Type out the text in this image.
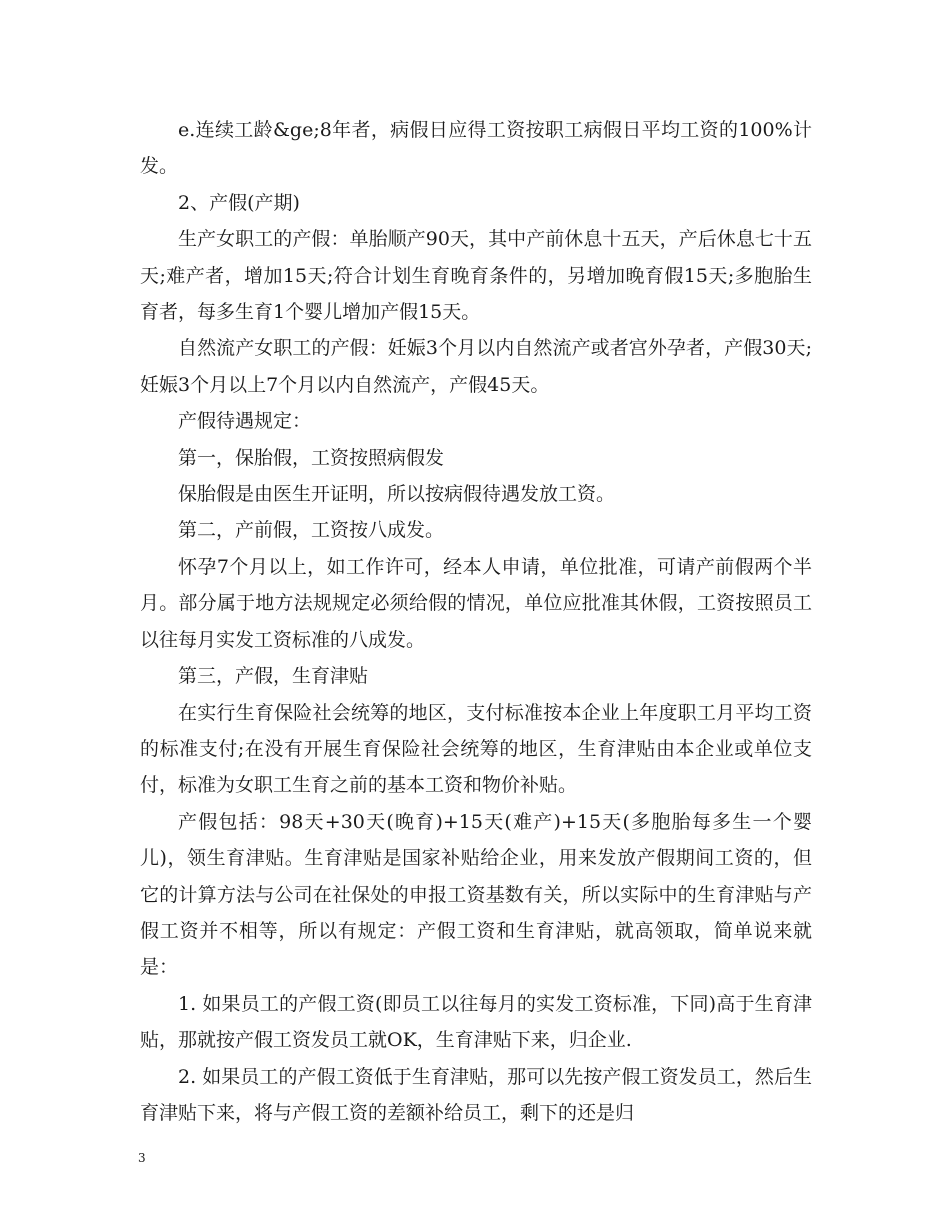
e.连续工龄&ge;8年者，病假日应得工资按职工病假日平均工资的100%计发。

2、产假(产期)

生产女职工的产假：单胎顺产90天，其中产前休息十五天，产后休息七十五天;难产者，增加15天;符合计划生育晚育条件的，另增加晚育假15天;多胞胎生育者，每多生育1个婴儿增加产假15天。

自然流产女职工的产假：妊娠3个月以内自然流产或者宫外孕者，产假30天;妊娠3个月以上7个月以内自然流产，产假45天。

产假待遇规定：

第一，保胎假，工资按照病假发

保胎假是由医生开证明，所以按病假待遇发放工资。

第二，产前假，工资按八成发。

怀孕7个月以上，如工作许可，经本人申请，单位批准，可请产前假两个半月。部分属于地方法规规定必须给假的情况，单位应批准其休假，工资按照员工以往每月实发工资标准的八成发。

第三，产假，生育津贴

在实行生育保险社会统筹的地区，支付标准按本企业上年度职工月平均工资的标准支付;在没有开展生育保险社会统筹的地区，生育津贴由本企业或单位支付，标准为女职工生育之前的基本工资和物价补贴。

产假包括：98天+30天(晚育)+15天(难产)+15天(多胞胎每多生一个婴儿)，领生育津贴。生育津贴是国家补贴给企业，用来发放产假期间工资的，但它的计算方法与公司在社保处的申报工资基数有关，所以实际中的生育津贴与产假工资并不相等，所以有规定：产假工资和生育津贴，就高领取，简单说来就是：

1. 如果员工的产假工资(即员工以往每月的实发工资标准，下同)高于生育津贴，那就按产假工资发员工就OK，生育津贴下来，归企业.

2. 如果员工的产假工资低于生育津贴，那可以先按产假工资发员工，然后生育津贴下来，将与产假工资的差额补给员工，剩下的还是归

3
